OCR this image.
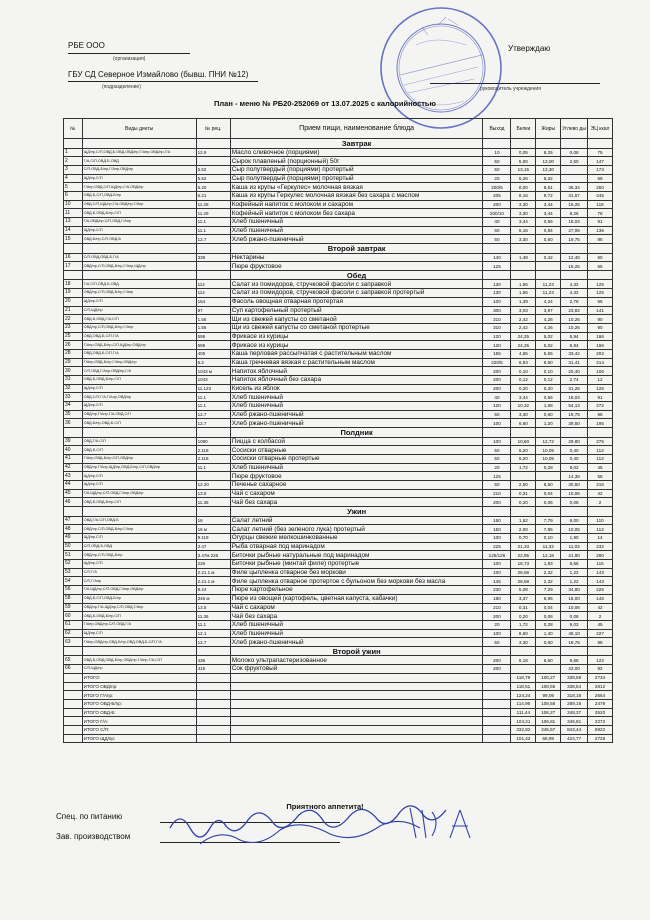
РБЕ ООО
(организация)
ГБУ СД Северное Измайлово (бывш. ПНИ №12)
(подразделение)
Утверждаю
руководитель учреждения
План - меню № РБ20-252069 от 13.07.2025 с калорийностью
№	Виды диеты	№ рец.	Прием пищи, наименование блюда	Выход	Белки	Жиры	Углево ды	ЭЦ ккал
			Завтрак					
1	ЩД/пр,С/П,ОВД,Б,ОВД,ОВД/пр,Г/Апр,ОВД/пр,Г/А	12.9	Масло сливочное (порциями)	10	0,05	8,25	0,08	75
2	Г/А,С/П,ОВД-Б,ОВД		Сырок плавленый (порционный) 50г	50	5,00	13,00	2,50	147
3	С/П,ОВД-Б/пр,Г/Апр,ОВД/пр	5.52	Сыр полутвердый (порциями) протертый	50	13,15	13,30		173
4	ЩД/пр,С/П	5.52	Сыр полутвердый (порциями) протертый	20	5,26	5,32		69
5	Г/Апр,ОВД,С/П,ЩД/пр,Г/А,ОВД/пр	6.20	Каша из крупы «Геркулес» молочная вязкая	200/5	8,00	8,61	36,34	260
6	ОВД-Б,С/П,ОВД-Б/пр	6.21	Каша из крупы Геркулес молочная вязкая без сахара с маслом	205	8,16	9,72	31,67	245
10	ОВД,С/П,ЩД/пр,Г/А,ОВД/пр,Г/Апр	11.28	Кофейный напиток с молоком и сахаром	200	3,30	3,44	16,25	118
11	ОВД-Б,ОВД-Б/пр,С/П	11.29	Кофейный напиток с молоком без сахара	200/10	3,30	3,44	8,26	78
13	Г/А,ОВД/пр,С/П,ОВД,Г/Апр	11.1	Хлеб пшеничный	40	3,44	0,56	18,04	91
14	ЩД/пр,С/П	11.1	Хлеб пшеничный	60	5,16	0,84	27,06	136
15	ОВД-Б/пр,С/П,ОВД-Б	12.7	Хлеб ржано-пшеничный	50	3,30	0,60	19,75	98
			Второй завтрак					
16	С/П,ОВД,ОВД-Б,Г/А	338	Нектарины	140	1,48	0,42	12,46	60
17	ОВД/пр,С/П,ОВД-Б/пр,Г/Апр,ЩД/пр		Пюре фруктовое	125			16,25	65
			Обед					
18	Г/А,С/П,ОВД-Б,ОВД	114	Салат из помидоров, стручковой фасоли с заправкой	130	1,56	11,23	4,32	125
19	ОВД/пр,С/П,ОВД-Б/пр,Г/Апр	114	Салат из помидоров, стручковой фасоли с заправкой протертый	130	1,56	11,23	4,32	125
20	ЩД/пр,С/П	164	Фасоль овощная отварная протертая	100	1,39	4,24	2,78	55
21	С/П,ЩД/пр	97	Суп картофельный протертый	300	3,03	3,97	23,82	141
22	ОВД-Б,ОВД,Г/А,С/П	1.56	Щи из свежей капусты со сметаной	310	2,42	4,26	10,26	90
23	ОВД/пр,С/П,ОВД-Б/пр,Г/Апр	1.56	Щи из свежей капусты со сметаной протертые	310	2,42	4,26	10,26	90
25	ОВД,ОВД-Б,С/П,Г/А	599	Фрикасе из курицы	120	24,25	5,02	5,94	166
26	Г/Апр,ОВД-Б/пр,С/П,ЩД/пр,ОВД/пр	599	Фрикасе из курицы	120	24,25	5,02	5,94	166
28	ОВД,ОВД-Б,С/П,Г/А	405	Каша перловая рассыпчатая с растительным маслом	155	4,65	5,55	33,42	202
29	Г/Апр,ОВД-Б/пр,Г/Апр,ОВД/пр	6.2	Каша гречневая вязкая с растительным маслом	220/5	6,93	6,60	31,41	214
30	С/П,ОВД,Г/Апр,ОВД/пр,Г/А	1043 м	Напиток яблочный	200	0,10	0,10	20,40	106
31	ОВД-Б,ОВД-Б/пр,С/П	1043	Напиток яблочный без сахара	200	0,12	0,12	2,74	12
32	ЩД/пр,С/П	11.123	Кисель из яблок	200	0,20	0,20	31,26	126
33	ОВД,С/П,Г/А,Г/Апр,ОВД/пр	11.1	Хлеб пшеничный	40	3,44	0,56	18,04	91
34	ЩД/пр,С/П	11.1	Хлеб пшеничный	120	10,32	1,68	54,13	272
35	ОВД/пр,Г/Апр,Г/А,ОВД,С/П	12.7	Хлеб ржано-пшеничный	50	3,30	0,60	19,75	98
36	ОВД-Б/пр,ОВД-Б,С/П	12.7	Хлеб ржано-пшеничный	100	6,60	1,20	39,50	195
			Полдник					
39	ОВД,Г/А,С/П	1090	Пицца с колбасой	100	10,60	12,72	29,80	275
40	ОВД-Б,С/П	2.118	Сосиски отварные	50	5,20	10,05	0,40	113
41	Г/Апр,ОВД-Б/пр,С/П,ОВД/пр	2.118	Сосиски отварные протертые	50	5,20	10,05	0,40	113
42	ОВД/пр,Г/Апр,ЩД/пр,ОВД-Б/пр,С/П,ОВД/пр	11.1	Хлеб пшеничный	20	1,72	0,28	9,02	45
43	ЩД/пр,С/П		Пюре фруктовое	125			14,38	58
44	ЩД/пр,С/П	12.20	Печенье сахарное	50	2,50	8,50	30,50	216
45	Г/А,ЩД/пр,С/П,ОВД,Г/Апр,ОВД/пр	13.5	Чай с сахаром	210	0,31	0,04	10,06	42
46	ОВД-Б,ОВД-Б/пр,С/П	11.36	Чай без сахара	200	0,20	0,06	0,08	2
			Ужин					
47	ОВД,Г/А,С/П,ОВД-Б	16	Салат летний	150	1,62	7,79	6,00	110
48	ОВД/пр,С/П,ОВД-Б/пр,Г/Апр	16 м	Салат летний (без зеленого лука) протертый	150	2,00	7,85	10,05	113
49	ЩД/пр,С/П	9.119	Огурцы свежие мелкошинкованные	100	0,70	0,10	1,90	14
50	С/П,ОВД-Б,ОВД	3.47	Рыба отварная под маринадом	225	21,33	11,32	11,03	232
51	ОВД/пр,С/П,ОВД-Б/пр	3.47м 226	Биточки рыбные натуральные под маринадом	125/125	22,95	12,18	21,90	290
52	ЩД/пр,С/П	226	Биточки рыбные (минтай филе) протертые	100	18,73	1,83	8,66	115
53	С/П,Г/А	2.21.1 м	Филе цыпленка отварное без моркови	100	28,68	2,32	1,22	143
54	С/П,Г/Апр	2.21.1 м	Филе цыпленка отварное протертое с бульоном без моркови без масла	145	28,68	2,32	1,22	143
56	Г/А,ЩД/пр,С/П,ОВД,Г/Апр,ОВД/пр	8.24	Пюре картофельное	230	5,08	7,29	34,80	225
58	ОВД-Б,С/П,ОВД-Б/пр	346 м	Пюре из овощей (картофель, цветная капуста, кабачки)	180	3,37	6,95	18,00	146
59	ОВД/пр,Г/А,ЩД/пр,С/П,ОВД,Г/Апр	13.5	Чай с сахаром	210	0,31	0,04	10,06	42
60	ОВД-Б,ОВД-Б/пр,С/П	11.36	Чай без сахара	200	0,20	0,06	0,08	2
61	Г/Апр,ОВД/пр,С/П,ОВД,Г/А	11.1	Хлеб пшеничный	20	1,72	0,28	9,02	45
62	ЩД/пр,С/П	12.1	Хлеб пшеничный	100	8,60	1,40	45,10	227
63	Г/Апр,ОВД/пр,ОВД-Б/пр,ОВД,ОВД-Б,С/П,Г/А	12.7	Хлеб ржано-пшеничный	50	3,30	0,60	19,75	98
			Второй ужин					
65	ОВД-Б,ОВД,ОВД-Б/пр,ОВД/пр,Г/Апр,Г/А,С/П	436	Молоко ультрапастеризованное	200	6,18	6,60	9,68	122
66	С/П,ЩД/пр	416	Сок фруктовый	200			23,00	92
	ИТОГО:				118,79	100,27	338,59	2734
	ИТОГО ОВД/пр:				118,51	108,55	338,54	2812
	ИТОГО Г/Апр:				124,24	99,09	318,16	2664
	ИТОГО ОВД-Б/пр:				114,96	108,58	289,16	2479
	ИТОГО ОВД-Б:				111,44	106,27	348,37	2520
	ИТОГО Г/А:				104,21	106,81	346,81	2272
	ИТОГО С/П:				332,82	245,57	843,44	6922
	ИТОГО ЩД/пр:				101,42	68,99	424,77	2728
Приятного аппетита!
Спец. по питанию
Зав. производством
